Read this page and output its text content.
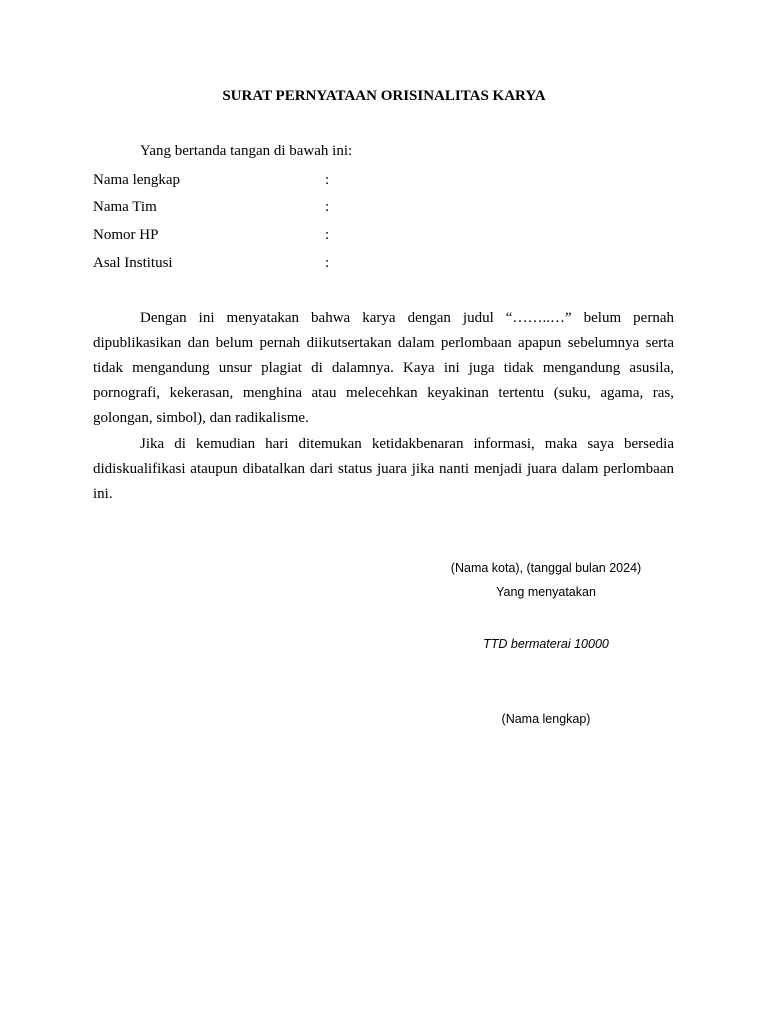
SURAT PERNYATAAN ORISINALITAS KARYA
Yang bertanda tangan di bawah ini:
Nama lengkap	:
Nama Tim	:
Nomor HP	:
Asal Institusi	:

Dengan ini menyatakan bahwa karya dengan judul “……..…” belum pernah dipublikasikan dan belum pernah diikutsertakan dalam perlombaan apapun sebelumnya serta tidak mengandung unsur plagiat di dalamnya. Kaya ini juga tidak mengandung asusila, pornografi, kekerasan, menghina atau melecehkan keyakinan tertentu (suku, agama, ras, golongan, simbol), dan radikalisme.

Jika di kemudian hari ditemukan ketidakbenaran informasi, maka saya bersedia didiskualifikasi ataupun dibatalkan dari status juara jika nanti menjadi juara dalam perlombaan ini.

(Nama kota), (tanggal bulan 2024)
Yang menyatakan
TTD bermaterai 10000
(Nama lengkap)
